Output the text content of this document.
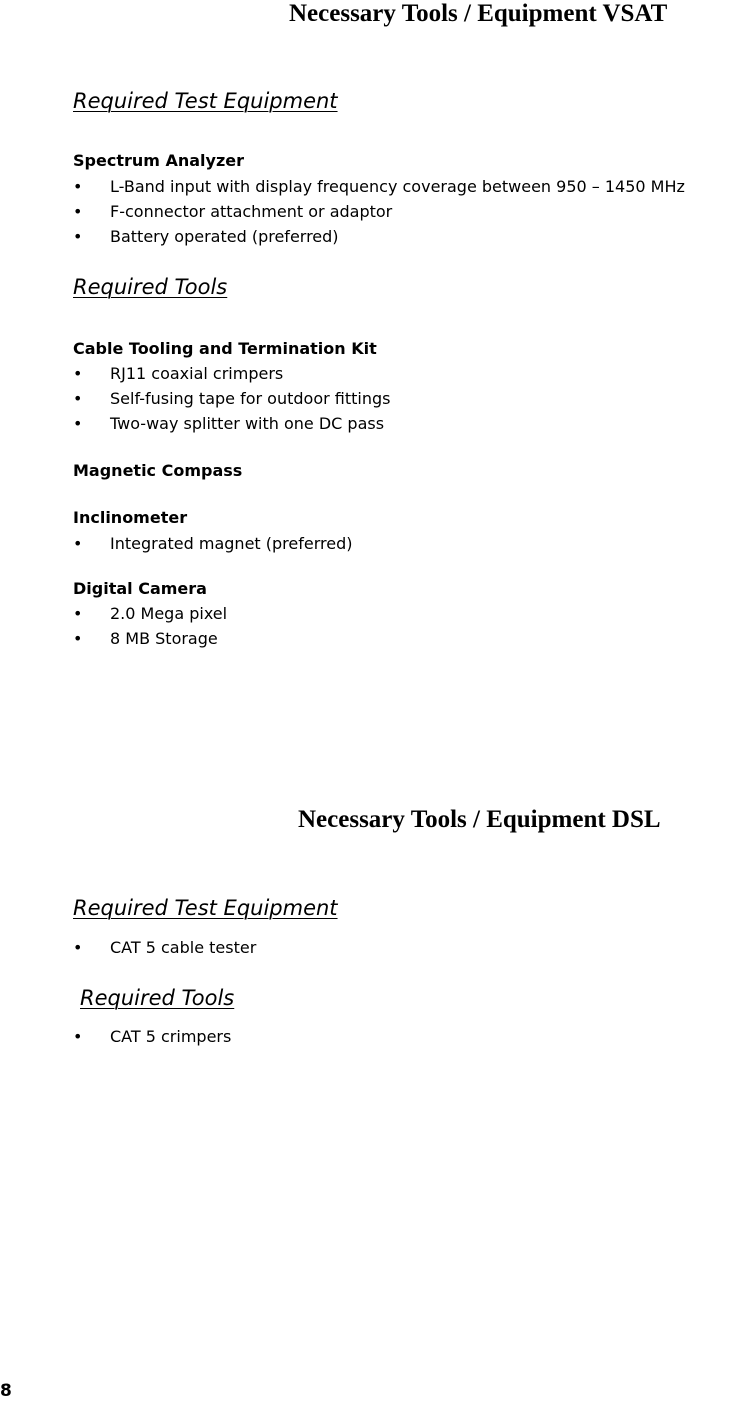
Necessary Tools / Equipment VSAT
Required Test Equipment
Spectrum Analyzer
• L-Band input with display frequency coverage between 950 – 1450 MHz
• F-connector attachment or adaptor
• Battery operated (preferred)
Required Tools
Cable Tooling and Termination Kit
• RJ11 coaxial crimpers
• Self-fusing tape for outdoor fittings
• Two-way splitter with one DC pass
Magnetic Compass
Inclinometer
• Integrated magnet (preferred)
Digital Camera
• 2.0 Mega pixel
• 8 MB Storage
Necessary Tools / Equipment DSL
Required Test Equipment
• CAT 5 cable tester
Required Tools
• CAT 5 crimpers
8
